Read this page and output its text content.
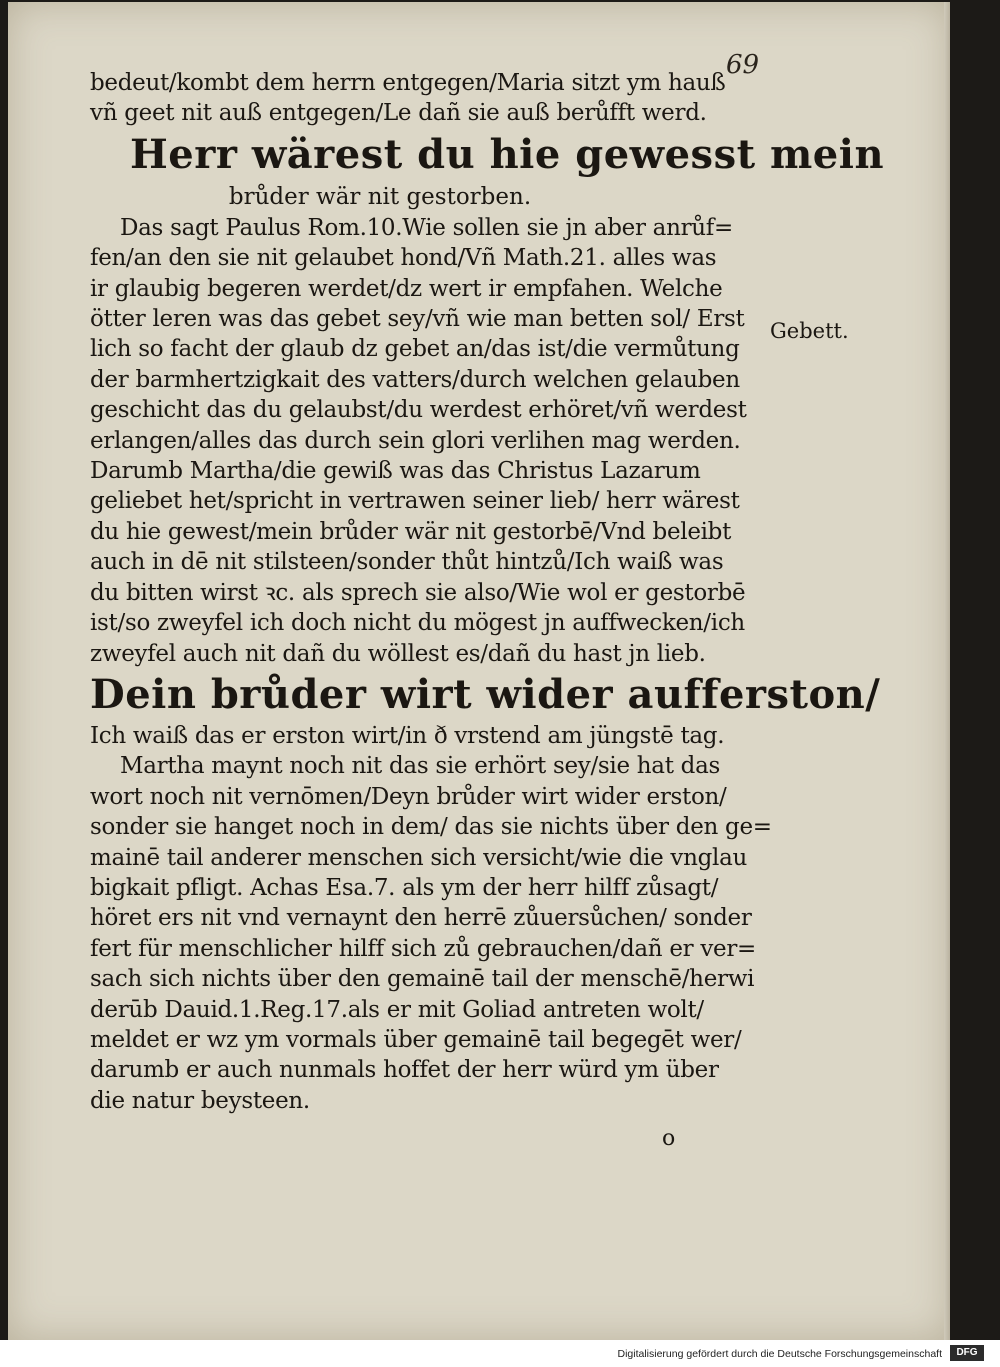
69
bedeut/kombt dem herrn entgegen/Maria sitzt ym hauß
vñ geet nit auß entgegen/Le dañ sie auß berůfft werd.
Herr wärest du hie gewesst mein
brůder wär nit gestorben.
Das sagt Paulus Rom.10.Wie sollen sie jn aber anrůf=
fen/an den sie nit gelaubet hond/Vñ Math.21. alles was
ir glaubig begeren werdet/dz wert ir empfahen. Welche
ötter leren was das gebet sey/vñ wie man betten sol/ Erst
lich so facht der glaub dz gebet an/das ist/die vermůtung
der barmhertzigkait des vatters/durch welchen gelauben
geschicht das du gelaubst/du werdest erhöret/vñ werdest
erlangen/alles das durch sein glori verlihen mag werden.
Darumb Martha/die gewiß was das Christus Lazarum
geliebet het/spricht in vertrawen seiner lieb/ herr wärest
du hie gewest/mein brůder wär nit gestorbē/Vnd beleibt
auch in dē nit stilsteen/sonder thůt hintzů/Ich waiß was
du bitten wirst ꝛc. als sprech sie also/Wie wol er gestorbē
ist/so zweyfel ich doch nicht du mögest jn auffwecken/ich
zweyfel auch nit dañ du wöllest es/dañ du hast jn lieb.
Dein brůder wirt wider aufferston/
Ich waiß das er erston wirt/in ð vrstend am jüngstē tag.
Martha maynt noch nit das sie erhört sey/sie hat das
wort noch nit vernōmen/Deyn brůder wirt wider erston/
sonder sie hanget noch in dem/ das sie nichts über den ge=
mainē tail anderer menschen sich versicht/wie die vnglau
bigkait pfligt. Achas Esa.7. als ym der herr hilff zůsagt/
höret ers nit vnd vernaynt den herrē zůuersůchen/ sonder
fert für menschlicher hilff sich zů gebrauchen/dañ er ver=
sach sich nichts über den gemainē tail der menschē/herwi
derūb Dauid.1.Reg.17.als er mit Goliad antreten wolt/
meldet er wz ym vormals über gemainē tail begegēt wer/
darumb er auch nunmals hoffet der herr würd ym über
die natur beysteen.
Gebett.
o
Digitalisierung gefördert durch die Deutsche Forschungsgemeinschaft	DFG
